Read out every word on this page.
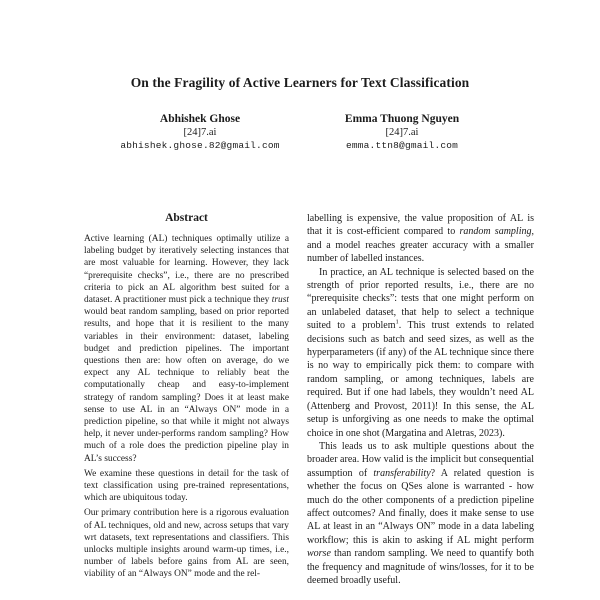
On the Fragility of Active Learners for Text Classification
Abhishek Ghose
[24]7.ai
abhishek.ghose.82@gmail.com
Emma Thuong Nguyen
[24]7.ai
emma.ttn8@gmail.com
Abstract

Active learning (AL) techniques optimally utilize a labeling budget by iteratively selecting instances that are most valuable for learning. However, they lack “prerequisite checks”, i.e., there are no prescribed criteria to pick an AL algorithm best suited for a dataset. A practitioner must pick a technique they trust would beat random sampling, based on prior reported results, and hope that it is resilient to the many variables in their environment: dataset, labeling budget and prediction pipelines. The important questions then are: how often on average, do we expect any AL technique to reliably beat the computationally cheap and easy-to-implement strategy of random sampling? Does it at least make sense to use AL in an “Always ON” mode in a prediction pipeline, so that while it might not always help, it never under-performs random sampling? How much of a role does the prediction pipeline play in AL’s success?

We examine these questions in detail for the task of text classification using pre-trained representations, which are ubiquitous today.

Our primary contribution here is a rigorous evaluation of AL techniques, old and new, across setups that vary wrt datasets, text representations and classifiers. This unlocks multiple insights around warm-up times, i.e., number of labels before gains from AL are seen, viability of an “Always ON” mode and the rel-

labelling is expensive, the value proposition of AL is that it is cost-efficient compared to random sampling, and a model reaches greater accuracy with a smaller number of labelled instances.

In practice, an AL technique is selected based on the strength of prior reported results, i.e., there are no “prerequisite checks”: tests that one might perform on an unlabeled dataset, that help to select a technique suited to a problem$^1$. This trust extends to related decisions such as batch and seed sizes, as well as the hyperparameters (if any) of the AL technique since there is no way to empirically pick them: to compare with random sampling, or among techniques, labels are required. But if one had labels, they wouldn’t need AL (Attenberg and Provost, 2011)! In this sense, the AL setup is unforgiving as one needs to make the optimal choice in one shot (Margatina and Aletras, 2023).

This leads us to ask multiple questions about the broader area. How valid is the implicit but consequential assumption of transferability? A related question is whether the focus on QSes alone is warranted - how much do the other components of a prediction pipeline affect outcomes? And finally, does it make sense to use AL at least in an “Always ON” mode in a data labeling workflow; this is akin to asking if AL might perform worse than random sampling. We need to quantify both the frequency and magnitude of wins/losses, for it to be deemed broadly useful.
